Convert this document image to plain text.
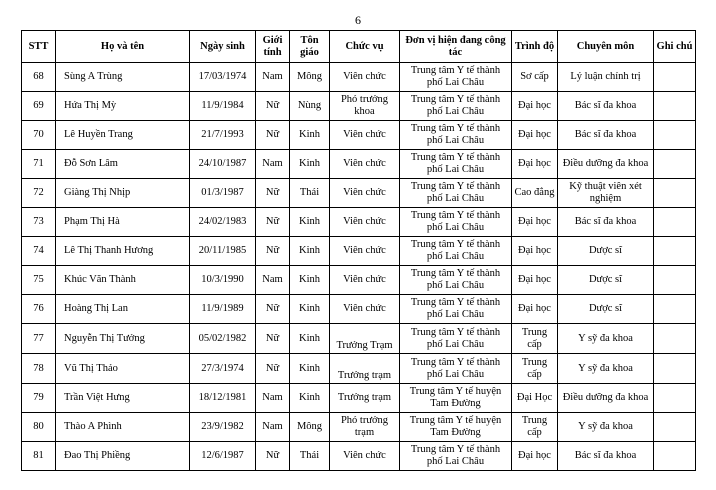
6
STT	Họ và tên	Ngày sinh	Giới tính	Tôn giáo	Chức vụ	Đơn vị hiện đang công tác	Trình độ	Chuyên môn	Ghi chú
68	Sùng A Trùng	17/03/1974	Nam	Mông	Viên chức	Trung tâm Y tế thành phố Lai Châu	Sơ cấp	Lý luận chính trị	
69	Hứa Thị Mỳ	11/9/1984	Nữ	Nùng	Phó trưởng khoa	Trung tâm Y tế thành phố Lai Châu	Đại học	Bác sĩ đa khoa	
70	Lê Huyền Trang	21/7/1993	Nữ	Kinh	Viên chức	Trung tâm Y tế thành phố Lai Châu	Đại học	Bác sĩ đa khoa	
71	Đỗ Sơn Lâm	24/10/1987	Nam	Kinh	Viên chức	Trung tâm Y tế thành phố Lai Châu	Đại học	Điều dưỡng đa khoa	
72	Giàng Thị Nhịp	01/3/1987	Nữ	Thái	Viên chức	Trung tâm Y tế thành phố Lai Châu	Cao đẳng	Kỹ thuật viên xét nghiệm	
73	Phạm Thị Hà	24/02/1983	Nữ	Kinh	Viên chức	Trung tâm Y tế thành phố Lai Châu	Đại học	Bác sĩ đa khoa	
74	Lê Thị Thanh Hương	20/11/1985	Nữ	Kinh	Viên chức	Trung tâm Y tế thành phố Lai Châu	Đại học	Dược sĩ	
75	Khúc Văn Thành	10/3/1990	Nam	Kinh	Viên chức	Trung tâm Y tế thành phố Lai Châu	Đại học	Dược sĩ	
76	Hoàng Thị Lan	11/9/1989	Nữ	Kinh	Viên chức	Trung tâm Y tế thành phố Lai Châu	Đại học	Dược sĩ	
77	Nguyễn Thị Tưởng	05/02/1982	Nữ	Kinh	Trưởng Trạm	Trung tâm Y tế thành phố Lai Châu	Trung cấp	Y sỹ đa khoa	
78	Vũ Thị Thảo	27/3/1974	Nữ	Kinh	Trưởng trạm	Trung tâm Y tế thành phố Lai Châu	Trung cấp	Y sỹ đa khoa	
79	Trần Việt Hưng	18/12/1981	Nam	Kinh	Trưởng trạm	Trung tâm Y tế huyện Tam Đường	Đại Học	Điều dưỡng đa khoa	
80	Thào A Phình	23/9/1982	Nam	Mông	Phó trưởng trạm	Trung tâm Y tế huyện Tam Đường	Trung cấp	Y sỹ đa khoa	
81	Đao Thị Phiềng	12/6/1987	Nữ	Thái	Viên chức	Trung tâm Y tế thành phố Lai Châu	Đại học	Bác sĩ đa khoa	
